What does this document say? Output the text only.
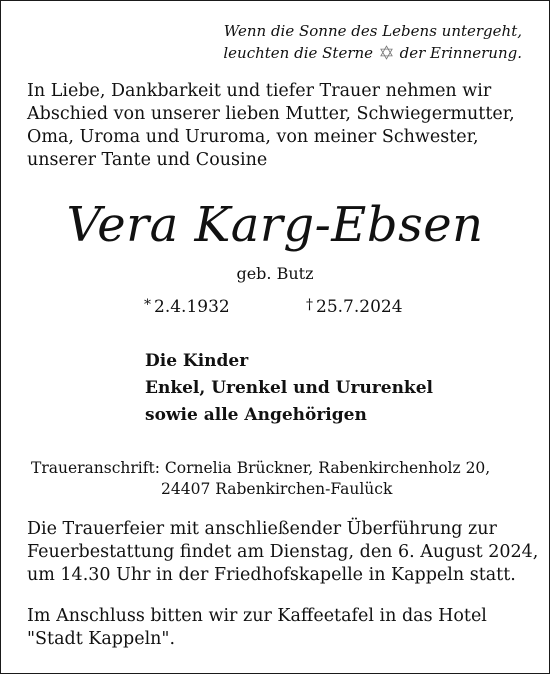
Wenn die Sonne des Lebens untergeht,
leuchten die Sterne der Erinnerung.
In Liebe, Dankbarkeit und tiefer Trauer nehmen wir
Abschied von unserer lieben Mutter, Schwiegermutter,
Oma, Uroma und Ururoma, von meiner Schwester,
unserer Tante und Cousine
Vera Karg-Ebsen
geb. Butz
* 2.4.1932	† 25.7.2024
Die Kinder
Enkel, Urenkel und Ururenkel
sowie alle Angehörigen
Traueranschrift: Cornelia Brückner, Rabenkirchenholz 20,
24407 Rabenkirchen-Faulück
Die Trauerfeier mit anschließender Überführung zur
Feuerbestattung findet am Dienstag, den 6. August 2024,
um 14.30 Uhr in der Friedhofskapelle in Kappeln statt.
Im Anschluss bitten wir zur Kaffeetafel in das Hotel
"Stadt Kappeln".
